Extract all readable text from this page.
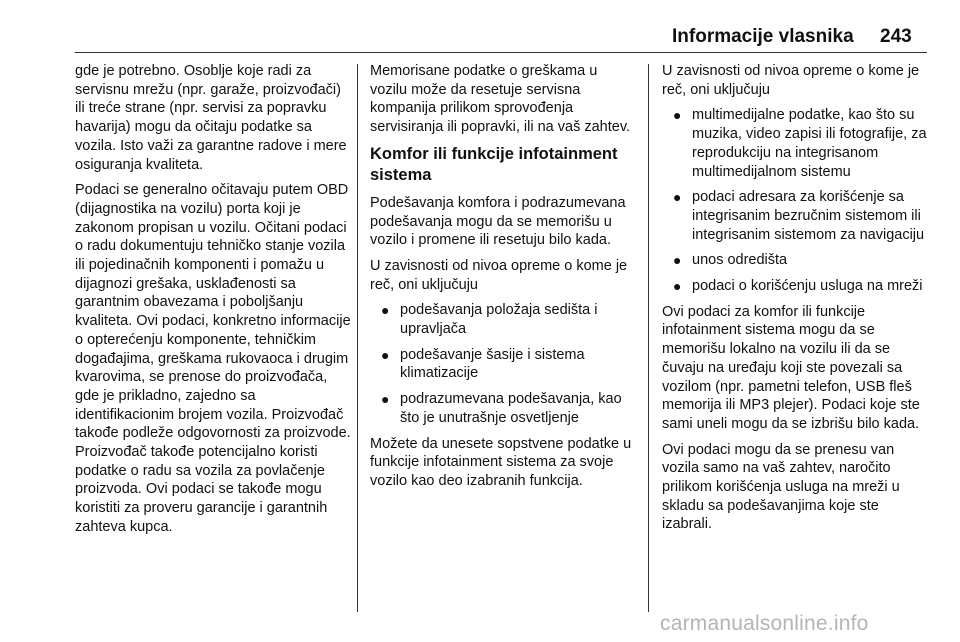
Informacije vlasnika 243

gde je potrebno. Osoblje koje radi za servisnu mrežu (npr. garaže, proizvođači) ili treće strane (npr. servisi za popravku havarija) mogu da očitaju podatke sa vozila. Isto važi za garantne radove i mere osiguranja kvaliteta.

Podaci se generalno očitavaju putem OBD (dijagnostika na vozilu) porta koji je zakonom propisan u vozilu. Očitani podaci o radu dokumentuju tehničko stanje vozila ili pojedinačnih komponenti i pomažu u dijagnozi grešaka, usklađenosti sa garantnim obavezama i poboljšanju kvaliteta. Ovi podaci, konkretno informacije o opterećenju komponente, tehničkim događajima, greškama rukovaoca i drugim kvarovima, se prenose do proizvođača, gde je prikladno, zajedno sa identifikacionim brojem vozila. Proizvođač takođe podleže odgovornosti za proizvode. Proizvođač takođe potencijalno koristi podatke o radu sa vozila za povlačenje proizvoda. Ovi podaci se takođe mogu koristiti za proveru garancije i garantnih zahteva kupca.

Memorisane podatke o greškama u vozilu može da resetuje servisna kompanija prilikom sprovođenja servisiranja ili popravki, ili na vaš zahtev.

Komfor ili funkcije infotainment sistema

Podešavanja komfora i podrazumevana podešavanja mogu da se memorišu u vozilo i promene ili resetuju bilo kada.

U zavisnosti od nivoa opreme o kome je reč, oni uključuju

● podešavanja položaja sedišta i upravljača
● podešavanje šasije i sistema klimatizacije
● podrazumevana podešavanja, kao što je unutrašnje osvetljenje

Možete da unesete sopstvene podatke u funkcije infotainment sistema za svoje vozilo kao deo izabranih funkcija.

U zavisnosti od nivoa opreme o kome je reč, oni uključuju

● multimedijalne podatke, kao što su muzika, video zapisi ili fotografije, za reprodukciju na integrisanom multimedijalnom sistemu
● podaci adresara za korišćenje sa integrisanim bezručnim sistemom ili integrisanim sistemom za navigaciju
● unos odredišta
● podaci o korišćenju usluga na mreži

Ovi podaci za komfor ili funkcije infotainment sistema mogu da se memorišu lokalno na vozilu ili da se čuvaju na uređaju koji ste povezali sa vozilom (npr. pametni telefon, USB fleš memorija ili MP3 plejer). Podaci koje ste sami uneli mogu da se izbrišu bilo kada.

Ovi podaci mogu da se prenesu van vozila samo na vaš zahtev, naročito prilikom korišćenja usluga na mreži u skladu sa podešavanjima koje ste izabrali.

carmanualsonline.info
